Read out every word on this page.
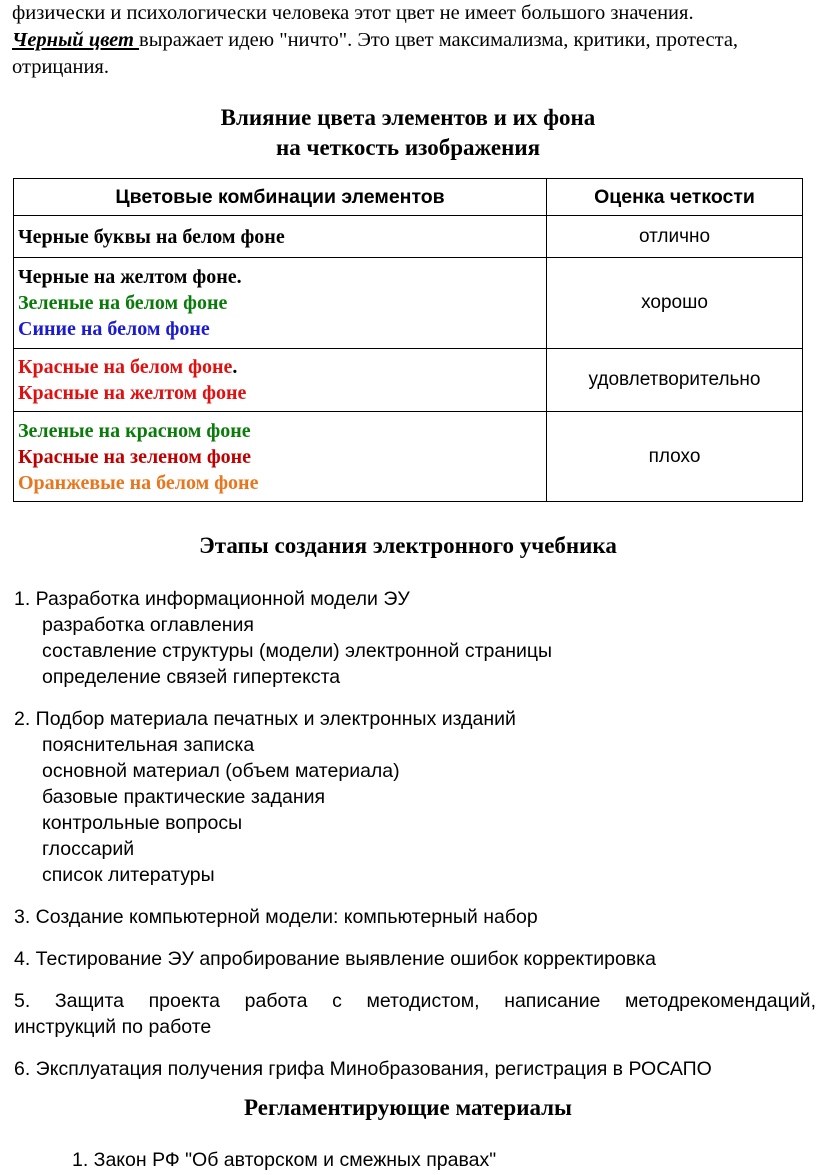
физически и психологически человека этот цвет не имеет большого значения.

Черный цвет выражает идею "ничто". Это цвет максимализма, критики, протеста,

отрицания.

Влияние цвета элементов и их фона
на четкость изображения
Цветовые комбинации элементов	Оценка четкости

Черные буквы на белом фоне	отлично

Черные на желтом фоне.
Зеленые на белом фоне
Синие на белом фоне	хорошо

Красные на белом фоне.
Красные на желтом фоне	удовлетворительно

Зеленые на красном фоне
Красные на зеленом фоне
Оранжевые на белом фоне	плохо
Этапы создания электронного учебника
1. Разработка информационной модели ЭУ
разработка оглавления
составление структуры (модели) электронной страницы
определение связей гипертекста
2. Подбор материала печатных и электронных изданий
пояснительная записка
основной материал (объем материала)
базовые практические задания
контрольные вопросы
глоссарий
список литературы
3. Создание компьютерной модели: компьютерный набор
4. Тестирование ЭУ апробирование выявление ошибок корректировка
5. Защита проекта работа с методистом, написание методрекомендаций,
инструкций по работе
6. Эксплуатация получения грифа Минобразования, регистрация в РОСАПО
Регламентирующие материалы
1. Закон РФ "Об авторском и смежных правах"
